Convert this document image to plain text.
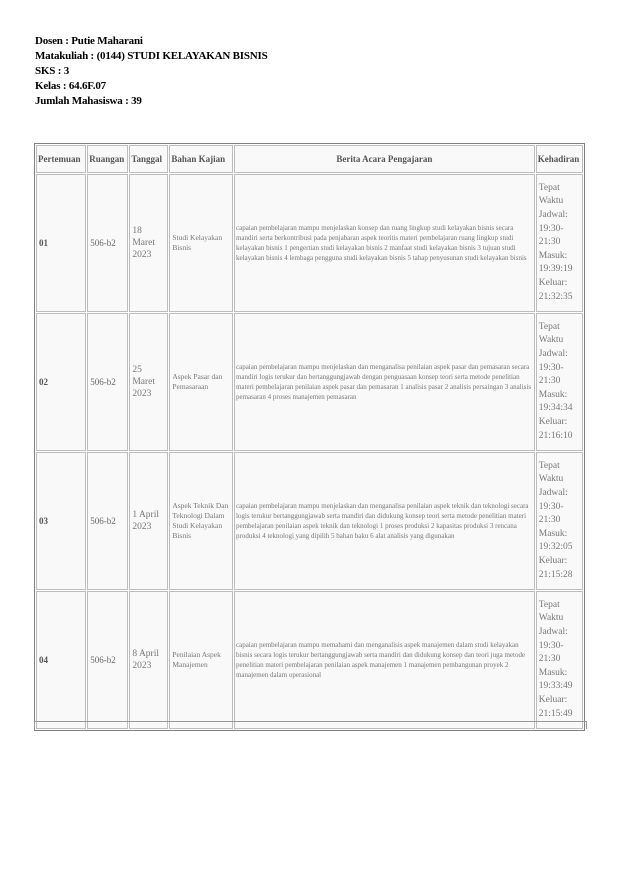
Dosen : Putie Maharani
Matakuliah : (0144) STUDI KELAYAKAN BISNIS
SKS : 3
Kelas : 64.6F.07
Jumlah Mahasiswa : 39
Pertemuan	Ruangan	Tanggal	Bahan Kajian	Berita Acara Pengajaran	Kehadiran
01	506-b2	18 Maret 2023	Studi Kelayakan Bisnis	capaian pembelajaran mampu menjelaskan konsep dan ruang lingkup studi kelayakan bisnis secara mandiri serta berkontribusi pada penjabaran aspek teoritis materi pembelajaran ruang lingkup studi kelayakan bisnis 1 pengertian studi kelayakan bisnis 2 manfaat studi kelayakan bisnis 3 tujuan studi kelayakan bisnis 4 lembaga pengguna studi kelayakan bisnis 5 tahap penyusunan studi kelayakan bisnis	Tepat Waktu Jadwal: 19:30-21:30 Masuk: 19:39:19 Keluar: 21:32:35
02	506-b2	25 Maret 2023	Aspek Pasar dan Pemasaraan	capaian pembelajaran mampu menjelaskan dan menganalisa penilaian aspek pasar dan pemasaran secara mandiri logis terukur dan bertanggungjawab dengan penguasaan konsep teori serta metode penelitian materi pembelajaran penilaian aspek pasar dan pemasaran 1 analisis pasar 2 analisis persaingan 3 analisis pemasaran 4 proses manajemen pemasaran	Tepat Waktu Jadwal: 19:30-21:30 Masuk: 19:34:34 Keluar: 21:16:10
03	506-b2	1 April 2023	Aspek Teknik Dan Teknologi Dalam Studi Kelayakan Bisnis	capaian pembelajaran mampu menjelaskan dan menganalisa penilaian aspek teknik dan teknologi secara logis terukur bertanggungjawab serta mandiri dan didukung konsep teori serta metode penelitian materi pembelajaran penilaian aspek teknik dan teknologi 1 proses produksi 2 kapasitas produksi 3 rencana produksi 4 teknologi yang dipilih 5 bahan baku 6 alat analisis yang digunakan	Tepat Waktu Jadwal: 19:30-21:30 Masuk: 19:32:05 Keluar: 21:15:28
04	506-b2	8 April 2023	Penilaian Aspek Manajemen	capaian pembelajaran mampu memahami dan menganalisis aspek manajemen dalam studi kelayakan bisnis secara logis terukur bertanggungjawab serta mandiri dan didukung konsep dan teori juga metode penelitian materi pembelajaran penilaian aspek manajemen 1 manajemen pembangunan proyek 2 manajemen dalam operasional	Tepat Waktu Jadwal: 19:30-21:30 Masuk: 19:33:49 Keluar: 21:15:49
